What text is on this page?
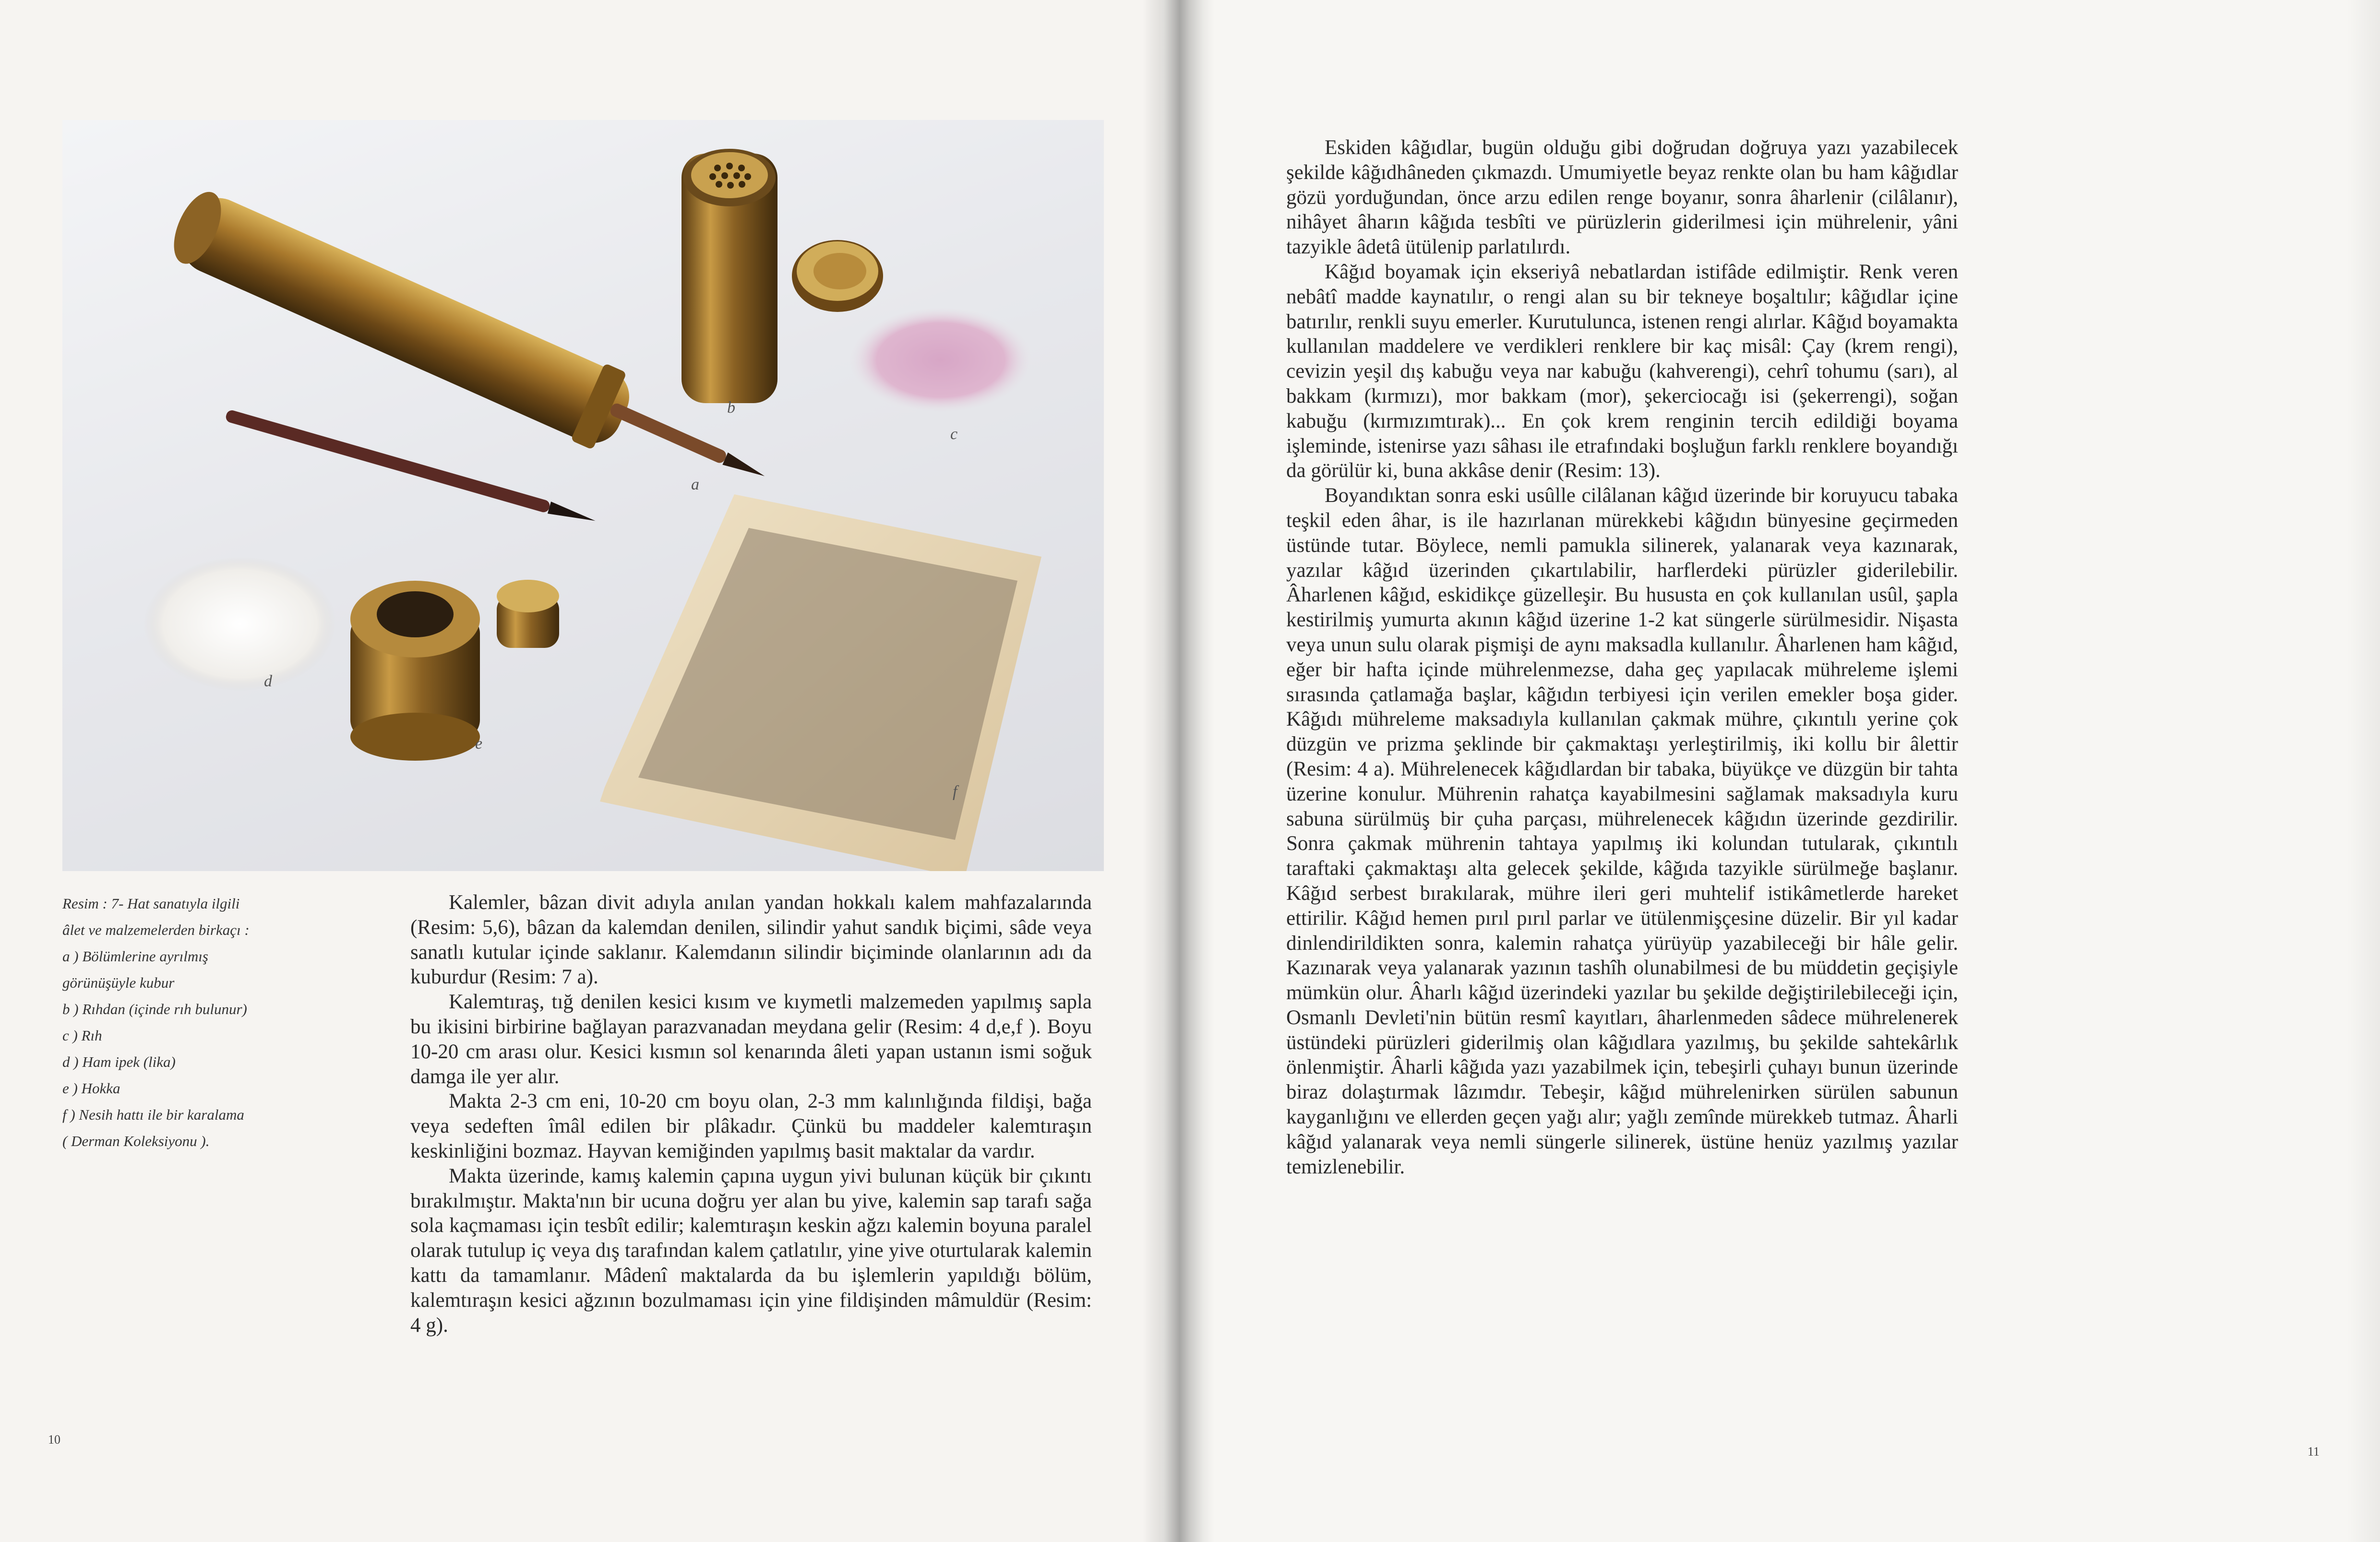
a
b
c
d
e
f
Resim : 7- Hat sanatıyla ilgili
âlet ve malzemelerden birkaçı :
a ) Bölümlerine ayrılmış
görünüşüyle kubur
b ) Rıhdan (içinde rıh bulunur)
c ) Rıh
d ) Ham ipek (lika)
e ) Hokka
f ) Nesih hattı ile bir karalama
( Derman Koleksiyonu ).

Kalemler, bâzan divit adıyla anılan yandan hokkalı kalem mahfazalarında (Resim: 5,6), bâzan da kalemdan denilen, silindir yahut sandık biçimi, sâde veya sanatlı kutular içinde saklanır. Kalemdanın silindir biçiminde olanlarının adı da kuburdur (Resim: 7 a).

Kalemtıraş, tığ denilen kesici kısım ve kıymetli malzemeden yapılmış sapla bu ikisini birbirine bağlayan parazvanadan meydana gelir (Resim: 4 d,e,f ). Boyu 10-20 cm arası olur. Kesici kısmın sol kenarında âleti yapan ustanın ismi soğuk damga ile yer alır.

Makta 2-3 cm eni, 10-20 cm boyu olan, 2-3 mm kalınlığında fildişi, bağa veya sedeften îmâl edilen bir plâkadır. Çünkü bu maddeler kalemtıraşın keskinliğini bozmaz. Hayvan kemiğinden yapılmış basit maktalar da vardır.

Makta üzerinde, kamış kalemin çapına uygun yivi bulunan küçük bir çıkıntı bırakılmıştır. Makta'nın bir ucuna doğru yer alan bu yive, kalemin sap tarafı sağa sola kaçmaması için tesbît edilir; kalemtıraşın keskin ağzı kalemin boyuna paralel olarak tutulup iç veya dış tarafından kalem çatlatılır, yine yive oturtularak kalemin kattı da tamamlanır. Mâdenî maktalarda da bu işlemlerin yapıldığı bölüm, kalemtıraşın kesici ağzının bozulmaması için yine fildişinden mâmuldür (Resim: 4 g).

10

Eskiden kâğıdlar, bugün olduğu gibi doğrudan doğruya yazı yazabilecek şekilde kâğıdhâneden çıkmazdı. Umumiyetle beyaz renkte olan bu ham kâğıdlar gözü yorduğundan, önce arzu edilen renge boyanır, sonra âharlenir (cilâlanır), nihâyet âharın kâğıda tesbîti ve pürüzlerin giderilmesi için mührelenir, yâni tazyikle âdetâ ütülenip parlatılırdı.

Kâğıd boyamak için ekseriyâ nebatlardan istifâde edilmiştir. Renk veren nebâtî madde kaynatılır, o rengi alan su bir tekneye boşaltılır; kâğıdlar içine batırılır, renkli suyu emerler. Kurutulunca, istenen rengi alırlar. Kâğıd boyamakta kullanılan maddelere ve verdikleri renklere bir kaç misâl: Çay (krem rengi), cevizin yeşil dış kabuğu veya nar kabuğu (kahverengi), cehrî tohumu (sarı), al bakkam (kırmızı), mor bakkam (mor), şekerciocağı isi (şekerrengi), soğan kabuğu (kırmızımtırak)... En çok krem renginin tercih edildiği boyama işleminde, istenirse yazı sâhası ile etrafındaki boşluğun farklı renklere boyandığı da görülür ki, buna akkâse denir (Resim: 13).

Boyandıktan sonra eski usûlle cilâlanan kâğıd üzerinde bir koruyucu tabaka teşkil eden âhar, is ile hazırlanan mürekkebi kâğıdın bünyesine geçirmeden üstünde tutar. Böylece, nemli pamukla silinerek, yalanarak veya kazınarak, yazılar kâğıd üzerinden çıkartılabilir, harflerdeki pürüzler giderilebilir. Âharlenen kâğıd, eskidikçe güzelleşir. Bu hususta en çok kullanılan usûl, şapla kestirilmiş yumurta akının kâğıd üzerine 1-2 kat süngerle sürülmesidir. Nişasta veya unun sulu olarak pişmişi de aynı maksadla kullanılır. Âharlenen ham kâğıd, eğer bir hafta içinde mührelenmezse, daha geç yapılacak mühreleme işlemi sırasında çatlamağa başlar, kâğıdın terbiyesi için verilen emekler boşa gider. Kâğıdı mühreleme maksadıyla kullanılan çakmak mühre, çıkıntılı yerine çok düzgün ve prizma şeklinde bir çakmaktaşı yerleştirilmiş, iki kollu bir âlettir (Resim: 4 a). Mührelenecek kâğıdlardan bir tabaka, büyükçe ve düzgün bir tahta üzerine konulur. Mührenin rahatça kayabilmesini sağlamak maksadıyla kuru sabuna sürülmüş bir çuha parçası, mührelenecek kâğıdın üzerinde gezdirilir. Sonra çakmak mührenin tahtaya yapılmış iki kolundan tutularak, çıkıntılı taraftaki çakmaktaşı alta gelecek şekilde, kâğıda tazyikle sürülmeğe başlanır. Kâğıd serbest bırakılarak, mühre ileri geri muhtelif istikâmetlerde hareket ettirilir. Kâğıd hemen pırıl pırıl parlar ve ütülenmişçesine düzelir. Bir yıl kadar dinlendirildikten sonra, kalemin rahatça yürüyüp yazabileceği bir hâle gelir. Kazınarak veya yalanarak yazının tashîh olunabilmesi de bu müddetin geçişiyle mümkün olur. Âharlı kâğıd üzerindeki yazılar bu şekilde değiştirilebileceği için, Osmanlı Devleti'nin bütün resmî kayıtları, âharlenmeden sâdece mührelenerek üstündeki pürüzleri giderilmiş olan kâğıdlara yazılmış, bu şekilde sahtekârlık önlenmiştir. Âharli kâğıda yazı yazabilmek için, tebeşirli çuhayı bunun üzerinde biraz dolaştırmak lâzımdır. Tebeşir, kâğıd mührelenirken sürülen sabunun kayganlığını ve ellerden geçen yağı alır; yağlı zemînde mürekkeb tutmaz. Âharli kâğıd yalanarak veya nemli süngerle silinerek, üstüne henüz yazılmış yazılar temizlenebilir.

11
